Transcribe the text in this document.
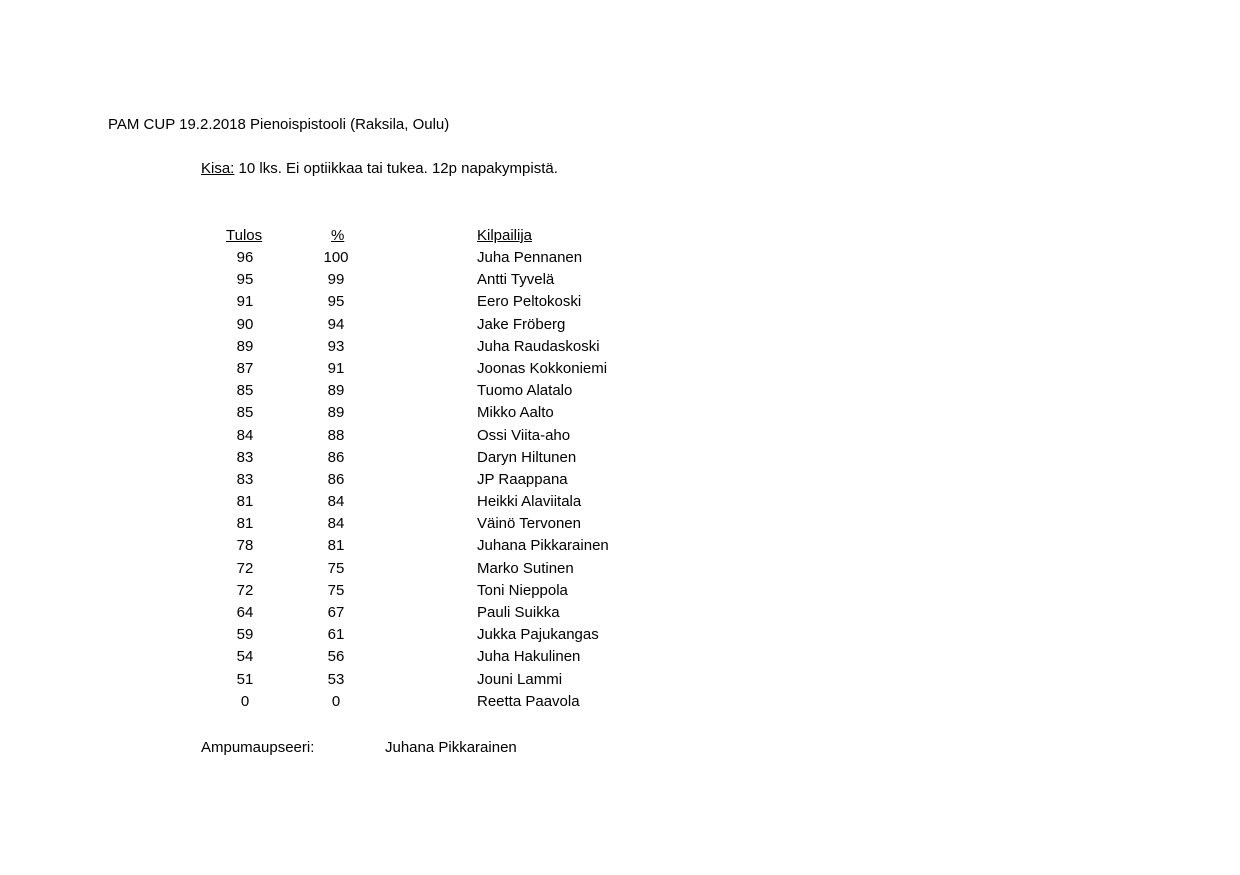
PAM CUP 19.2.2018 Pienoispistooli (Raksila, Oulu)
Kisa: 10 lks. Ei optiikkaa tai tukea. 12p napakympistä.
Tulos	%	Kilpailija
96	100	Juha Pennanen
95	99	Antti Tyvelä
91	95	Eero Peltokoski
90	94	Jake Fröberg
89	93	Juha Raudaskoski
87	91	Joonas Kokkoniemi
85	89	Tuomo Alatalo
85	89	Mikko Aalto
84	88	Ossi Viita-aho
83	86	Daryn Hiltunen
83	86	JP Raappana
81	84	Heikki Alaviitala
81	84	Väinö Tervonen
78	81	Juhana Pikkarainen
72	75	Marko Sutinen
72	75	Toni Nieppola
64	67	Pauli Suikka
59	61	Jukka Pajukangas
54	56	Juha Hakulinen
51	53	Jouni Lammi
0	0	Reetta Paavola
Ampumaupseeri:	Juhana Pikkarainen
